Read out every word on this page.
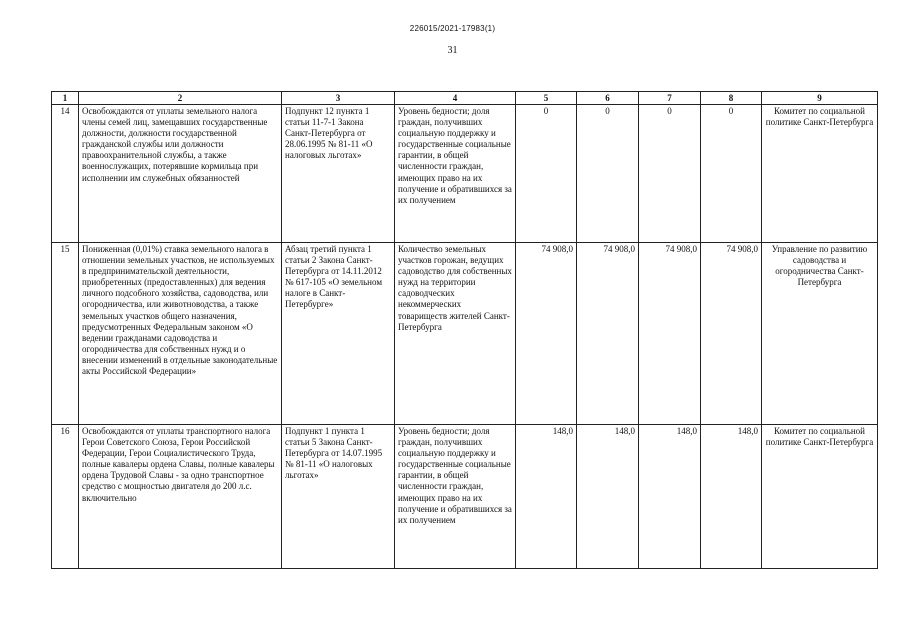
226015/2021-17983(1)
31
1	2	3	4	5	6	7	8	9
14	Освобождаются от уплаты земельного налога члены семей лиц, замещавших государственные должности, должности государственной гражданской службы или должности правоохранительной службы, а также военнослужащих, потерявшие кормильца при исполнении им служебных обязанностей	Подпункт 12 пункта 1 статьи 11-7-1 Закона Санкт-Петербурга от 28.06.1995 № 81-11 «О налоговых льготах»	Уровень бедности; доля граждан, получивших социальную поддержку и государственные социальные гарантии, в общей численности граждан, имеющих право на их получение и обратившихся за их получением	0	0	0	0	Комитет по социальной политике Санкт-Петербурга
15	Пониженная (0,01%) ставка земельного налога в отношении земельных участков, не используемых в предпринимательской деятельности, приобретенных (предоставленных) для ведения личного подсобного хозяйства, садоводства, или огородничества, или животноводства, а также земельных участков общего назначения, предусмотренных Федеральным законом «О ведении гражданами садоводства и огородничества для собственных нужд и о внесении изменений в отдельные законодательные акты Российской Федерации»	Абзац третий пункта 1 статьи 2 Закона Санкт-Петербурга от 14.11.2012 № 617-105 «О земельном налоге в Санкт-Петербурге»	Количество земельных участков горожан, ведущих садоводство для собственных нужд на территории садоводческих некоммерческих товариществ жителей Санкт-Петербурга	74 908,0	74 908,0	74 908,0	74 908,0	Управление по развитию садоводства и огородничества Санкт-Петербурга
16	Освобождаются от уплаты транспортного налога Герои Советского Союза, Герои Российской Федерации, Герои Социалистического Труда, полные кавалеры ордена Славы, полные кавалеры ордена Трудовой Славы - за одно транспортное средство с мощностью двигателя до 200 л.с. включительно	Подпункт 1 пункта 1 статьи 5 Закона Санкт-Петербурга от 14.07.1995 № 81-11 «О налоговых льготах»	Уровень бедности; доля граждан, получивших социальную поддержку и государственные социальные гарантии, в общей численности граждан, имеющих право на их получение и обратившихся за их получением	148,0	148,0	148,0	148,0	Комитет по социальной политике Санкт-Петербурга
